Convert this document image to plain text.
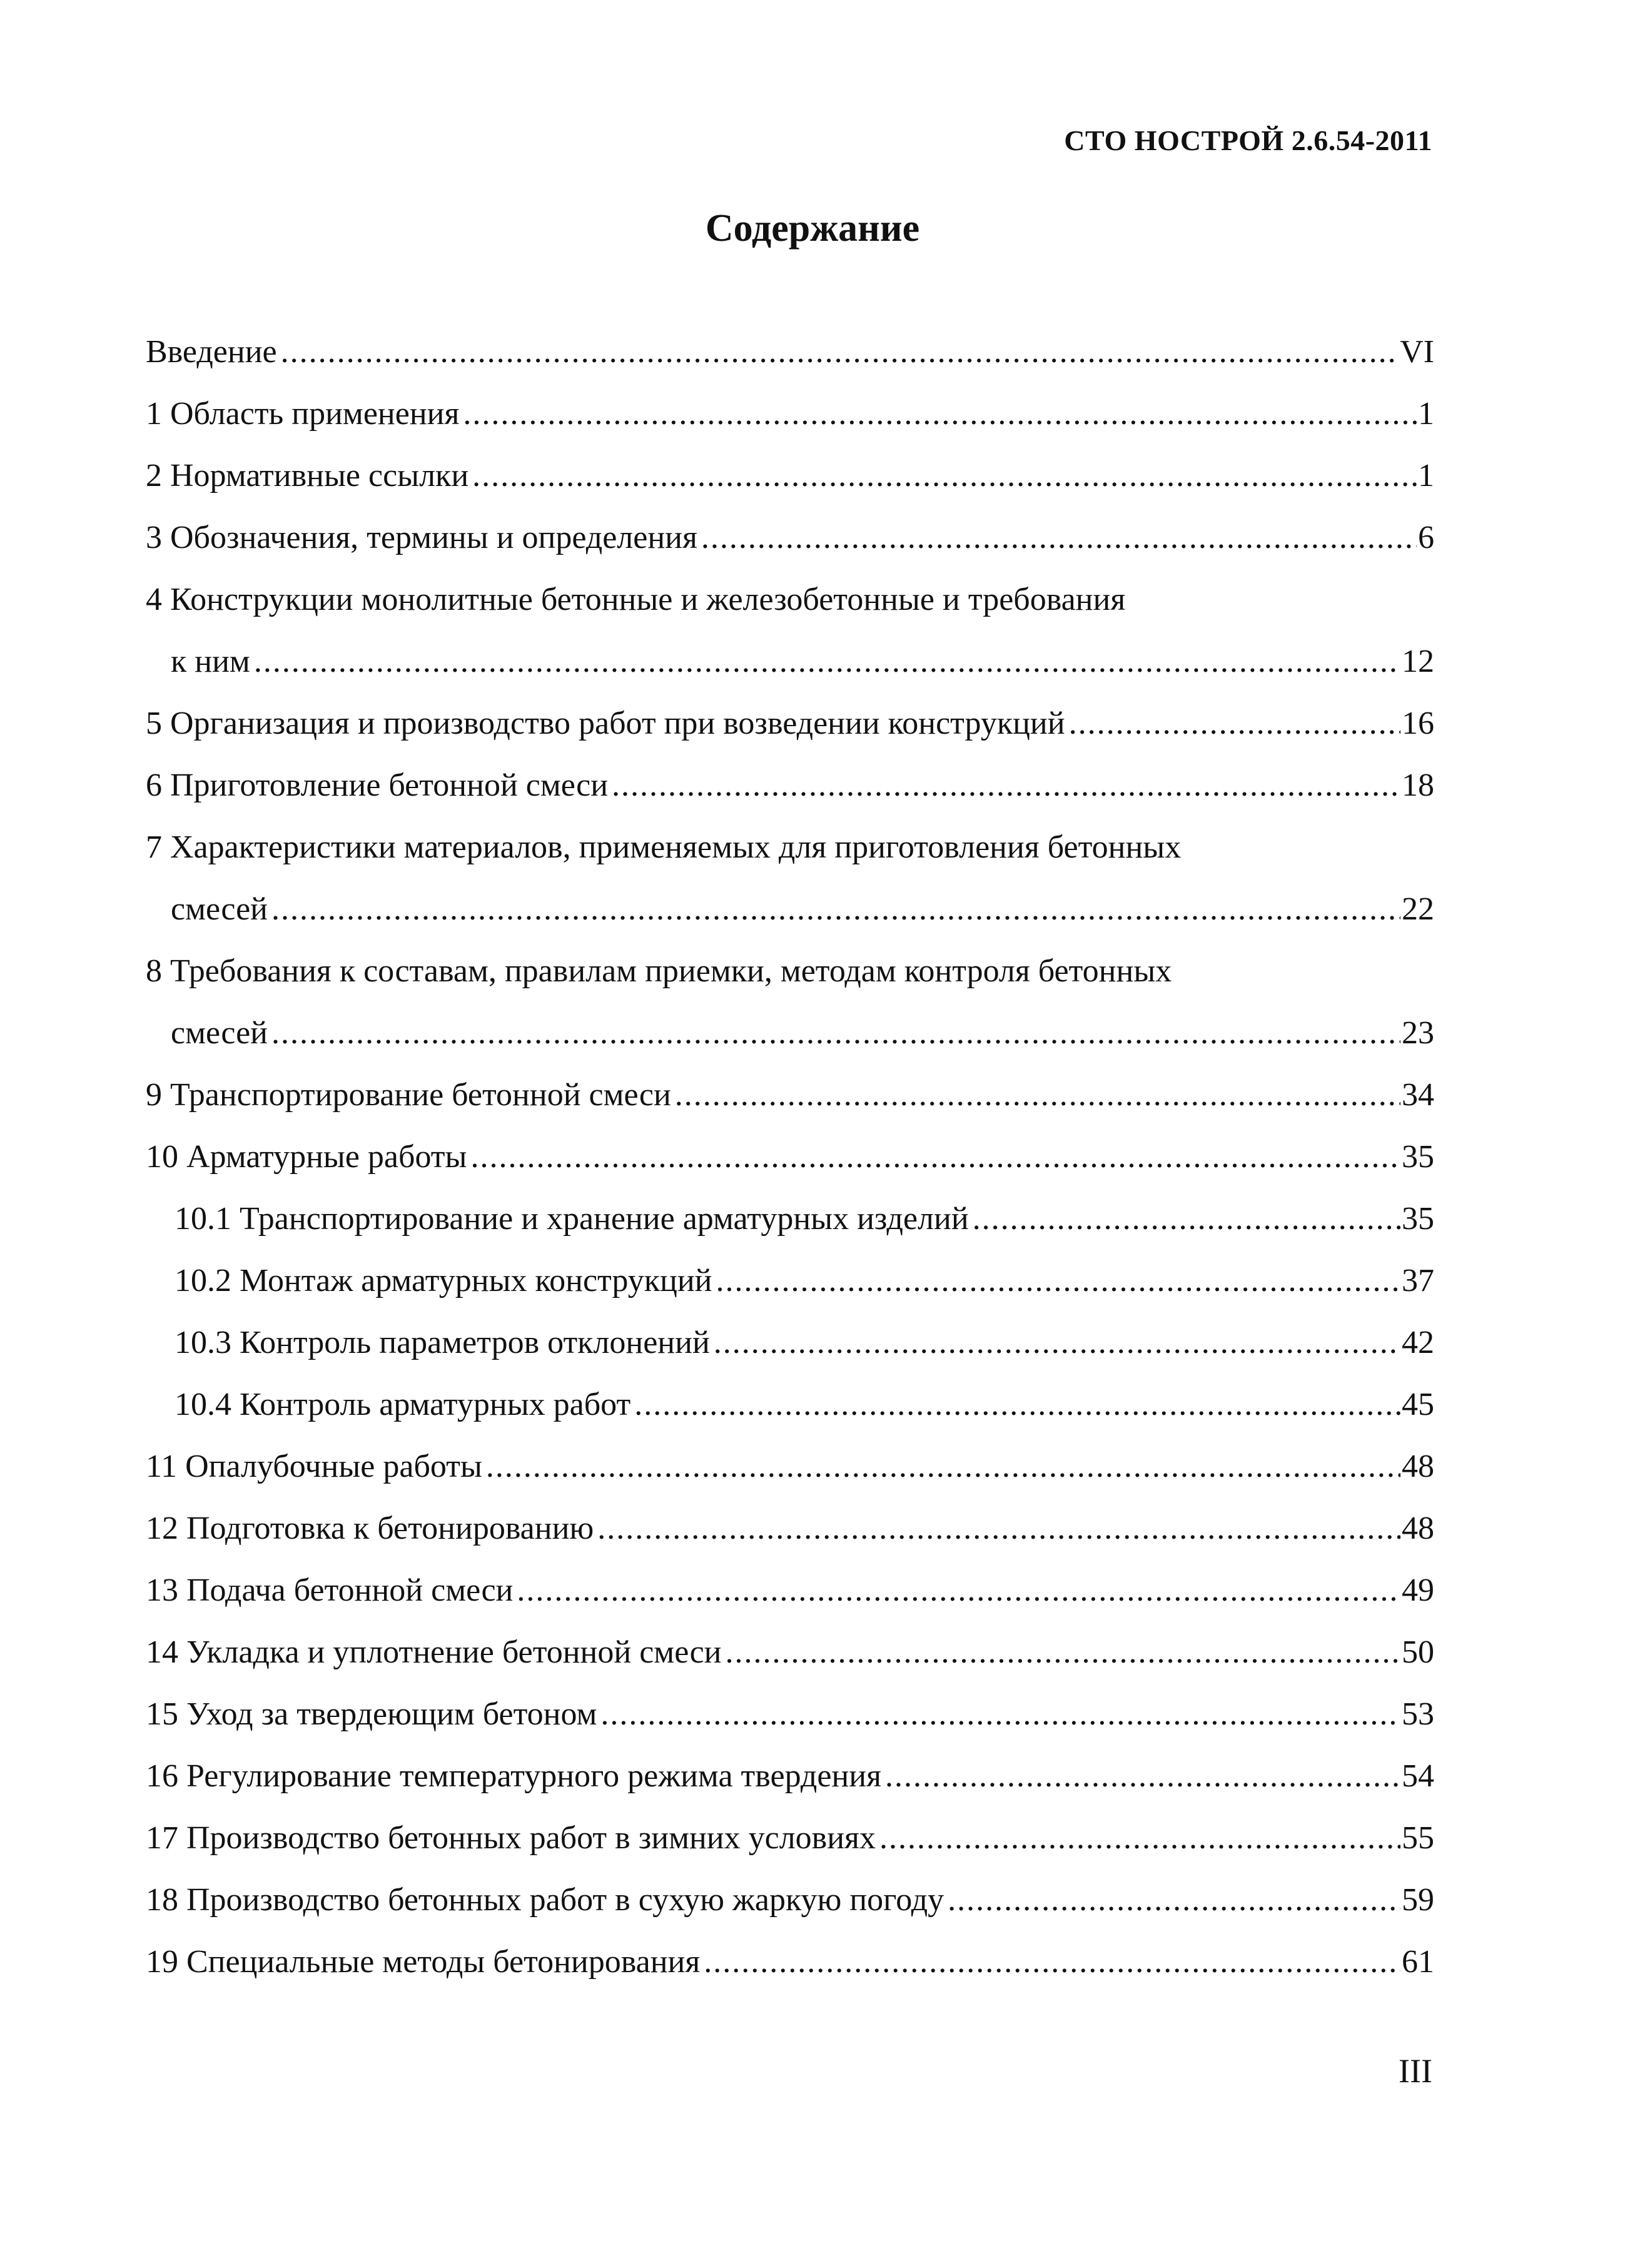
СТО НОСТРОЙ 2.6.54-2011
Содержание
Введение .....	VI
1 Область применения .....	1
2 Нормативные ссылки .....	1
3 Обозначения, термины и определения .....	6
4 Конструкции монолитные бетонные и железобетонные и требования
к ним .....	12
5 Организация и производство работ при возведении конструкций .....	16
6 Приготовление бетонной смеси .....	18
7 Характеристики материалов, применяемых для приготовления бетонных
смесей .....	22
8 Требования к составам, правилам приемки, методам контроля бетонных
смесей .....	23
9 Транспортирование бетонной смеси .....	34
10 Арматурные работы .....	35
10.1 Транспортирование и хранение арматурных изделий .....	35
10.2 Монтаж арматурных конструкций .....	37
10.3 Контроль параметров отклонений .....	42
10.4 Контроль арматурных работ .....	45
11 Опалубочные работы .....	48
12 Подготовка к бетонированию .....	48
13 Подача бетонной смеси .....	49
14 Укладка и уплотнение бетонной смеси .....	50
15 Уход за твердеющим бетоном .....	53
16 Регулирование температурного режима твердения .....	54
17 Производство бетонных работ в зимних условиях .....	55
18 Производство бетонных работ в сухую жаркую погоду .....	59
19 Специальные методы бетонирования .....	61
III
